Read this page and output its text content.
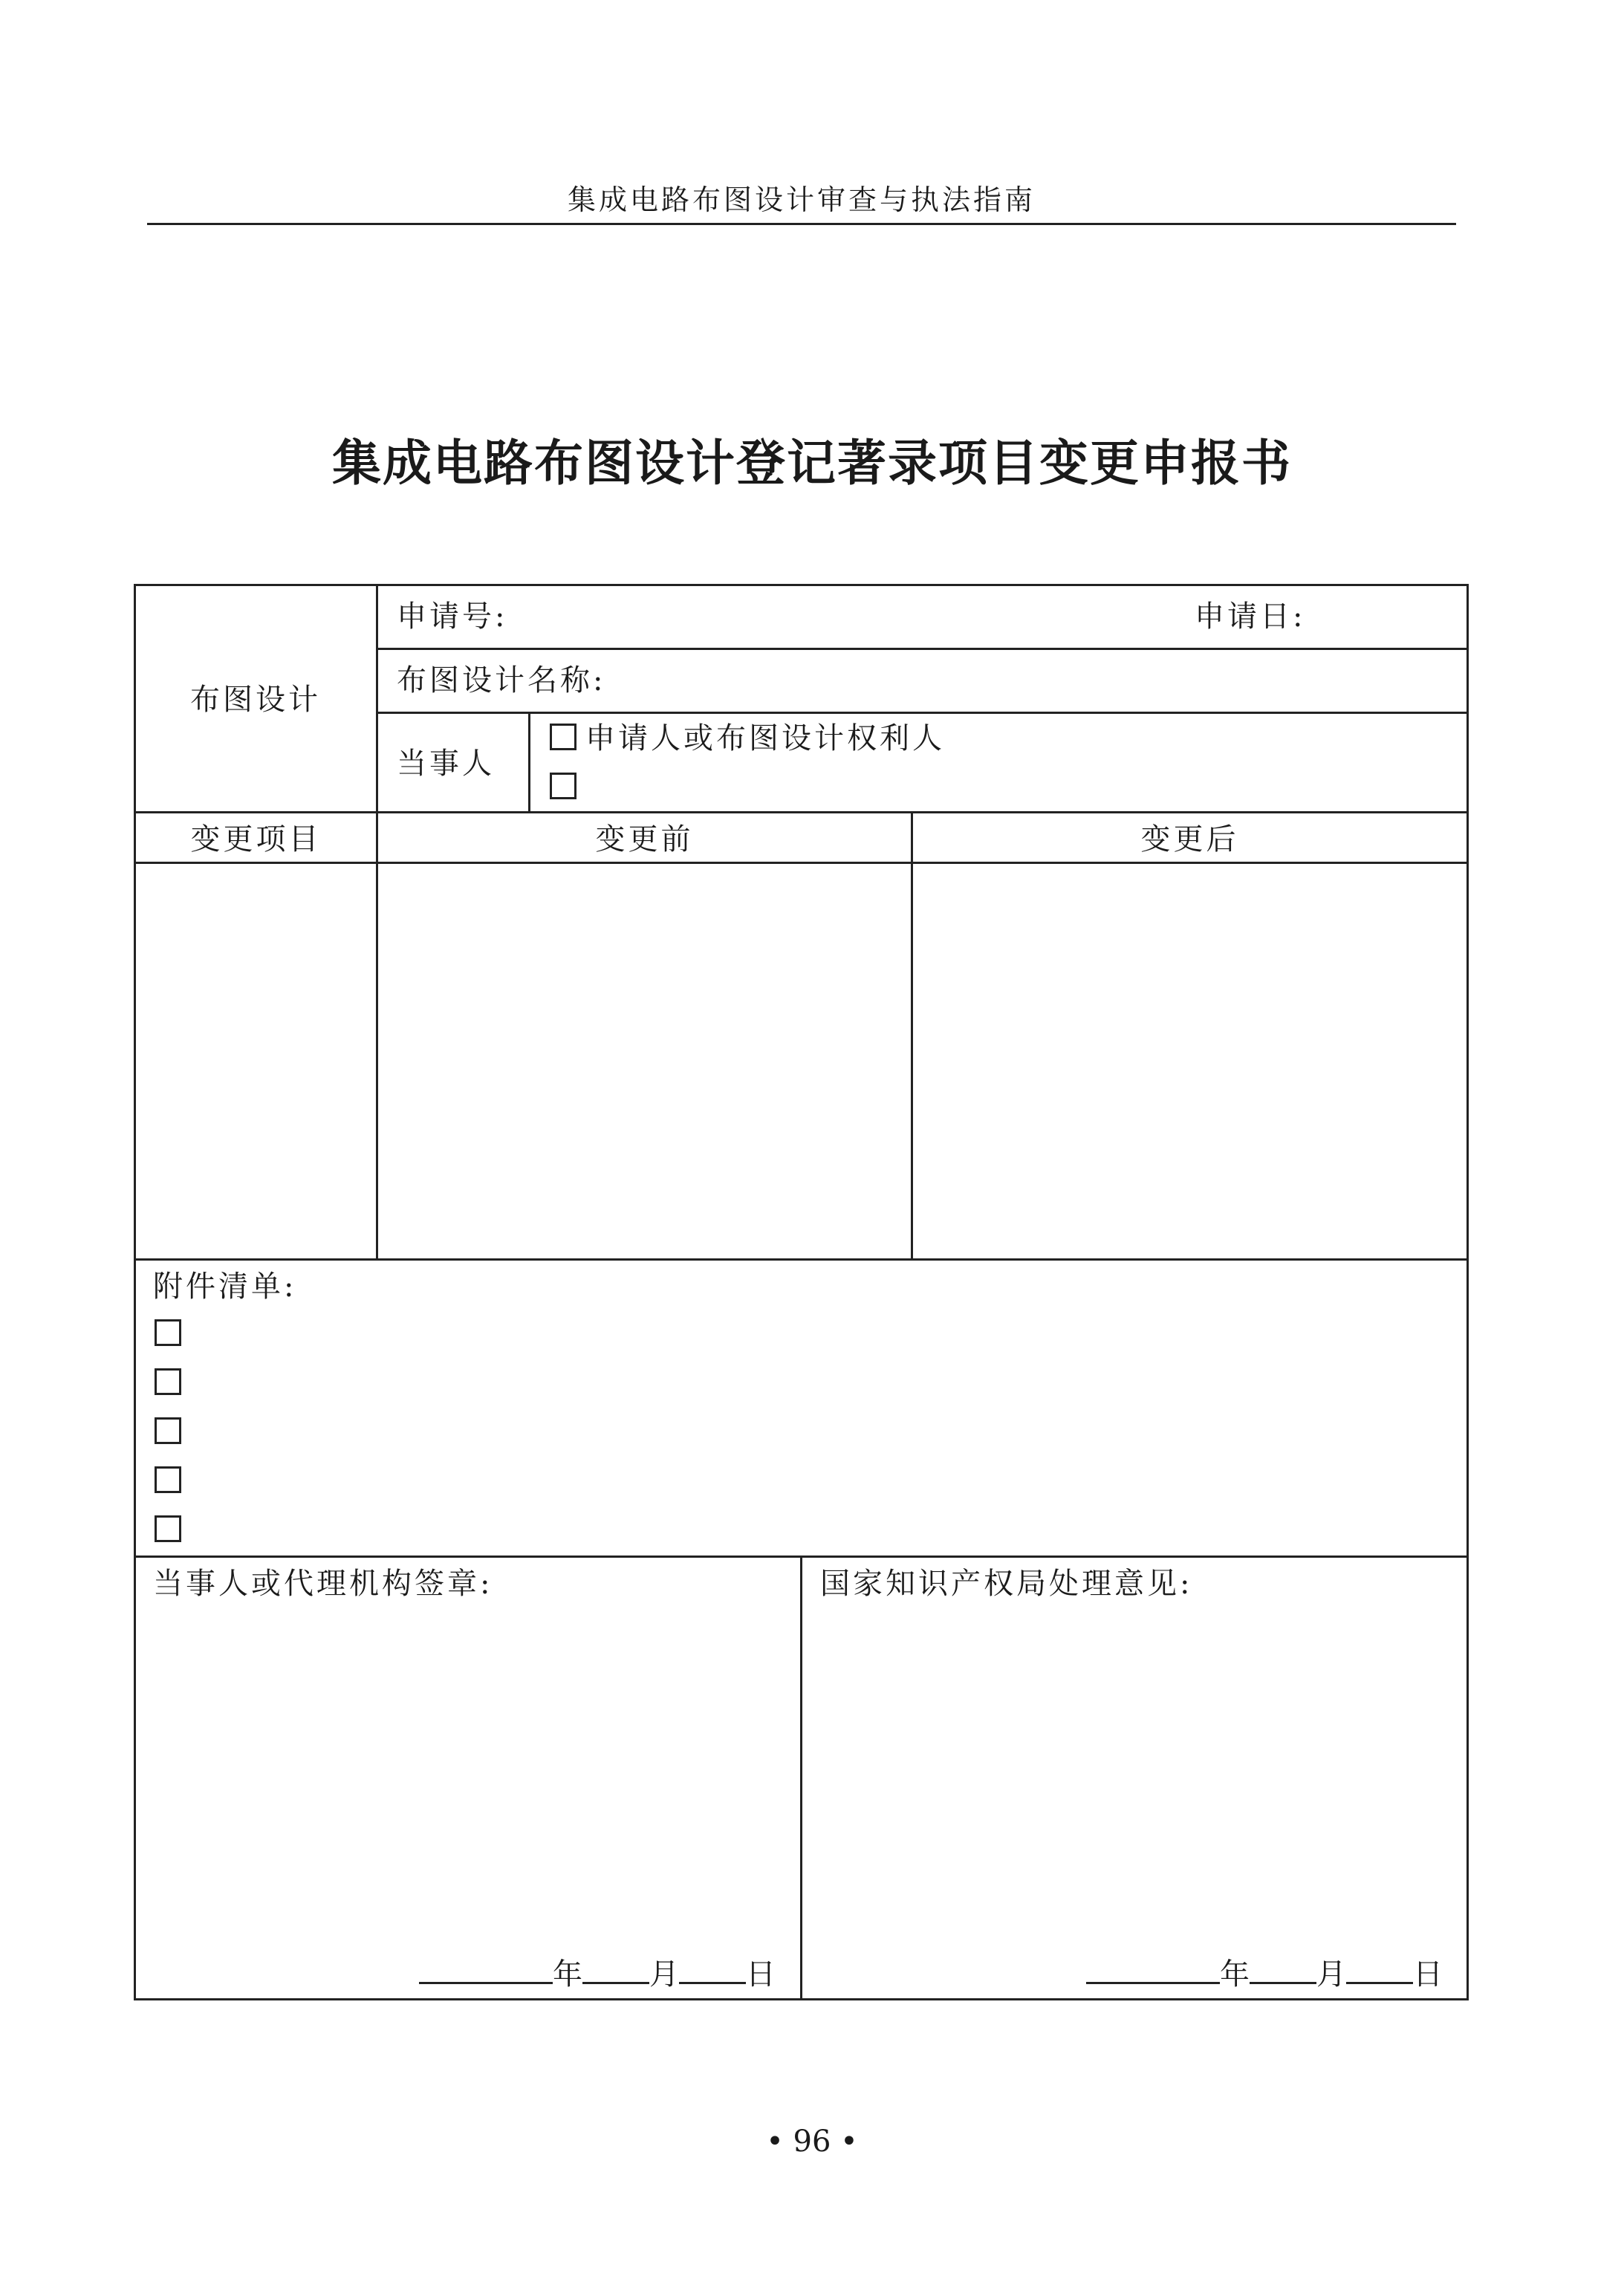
集成电路布图设计审查与执法指南
集成电路布图设计登记著录项目变更申报书
布图设计
申请号:	申请日:
布图设计名称:
当事人
申请人或布图设计权利人
变更项目	变更前	变更后
附件清单:
当事人或代理机构签章:	国家知识产权局处理意见:
年 月 日	年 月 日
• 96 •
